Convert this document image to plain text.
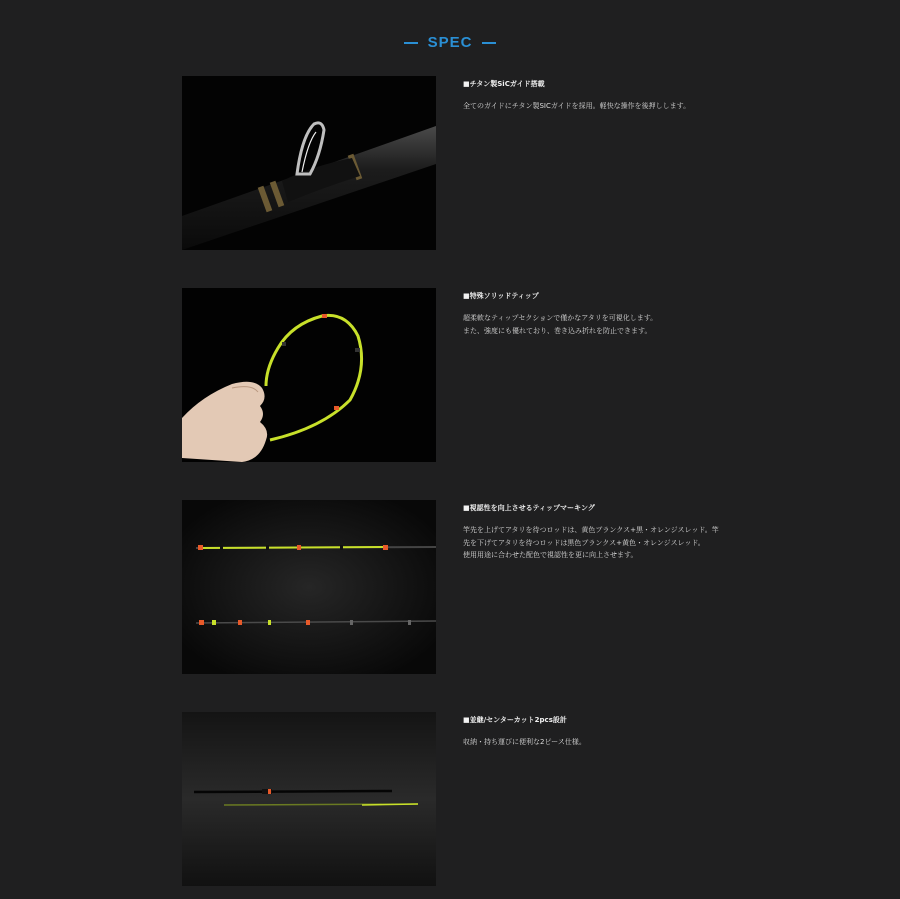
SPEC
■チタン製SiCガイド搭載
全てのガイドにチタン製SICガイドを採用。軽快な操作を後押しします。
■特殊ソリッドティップ
超柔軟なティップセクションで僅かなアタリを可視化します。
また、強度にも優れており、巻き込み折れを防止できます。
■視認性を向上させるティップマーキング
竿先を上げてアタリを待つロッドは、黄色ブランクス+黒・オレンジスレッド。竿
先を下げてアタリを待つロッドは黒色ブランクス+黄色・オレンジスレッド。
使用用途に合わせた配色で視認性を更に向上させます。
■並継/センターカット2pcs設計
収納・持ち運びに便利な2ピース仕様。
